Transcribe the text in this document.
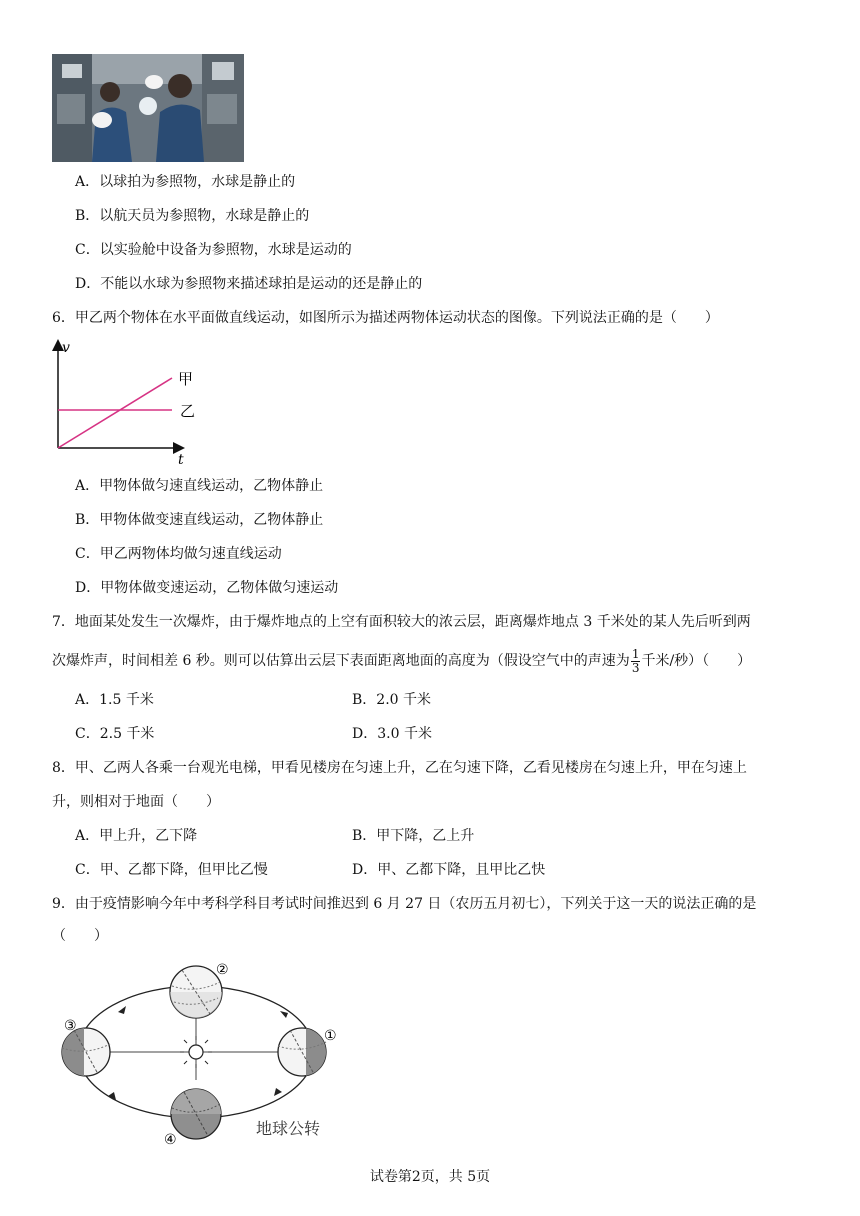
A．以球拍为参照物，水球是静止的
B．以航天员为参照物，水球是静止的
C．以实验舱中设备为参照物，水球是运动的
D．不能以水球为参照物来描述球拍是运动的还是静止的
6．甲乙两个物体在水平面做直线运动，如图所示为描述两物体运动状态的图像。下列说法正确的是（　　）
v
t
甲
乙
A．甲物体做匀速直线运动，乙物体静止
B．甲物体做变速直线运动，乙物体静止
C．甲乙两物体均做匀速直线运动
D．甲物体做变速运动，乙物体做匀速运动
7．地面某处发生一次爆炸，由于爆炸地点的上空有面积较大的浓云层，距离爆炸地点 3 千米处的某人先后听到两
次爆炸声，时间相差 6 秒。则可以估算出云层下表面距离地面的高度为（假设空气中的声速为 $\frac{1}{3}$ 千米/秒）（　　）
A．1.5 千米	B．2.0 千米
C．2.5 千米	D．3.0 千米
8．甲、乙两人各乘一台观光电梯，甲看见楼房在匀速上升，乙在匀速下降，乙看见楼房在匀速上升，甲在匀速上
升，则相对于地面（　　）
A．甲上升，乙下降	B．甲下降，乙上升
C．甲、乙都下降，但甲比乙慢	D．甲、乙都下降，且甲比乙快
9．由于疫情影响今年中考科学科目考试时间推迟到 6 月 27 日（农历五月初七），下列关于这一天的说法正确的是
（　　）
②
①
③
④
地球公转
试卷第2页，共 5页
